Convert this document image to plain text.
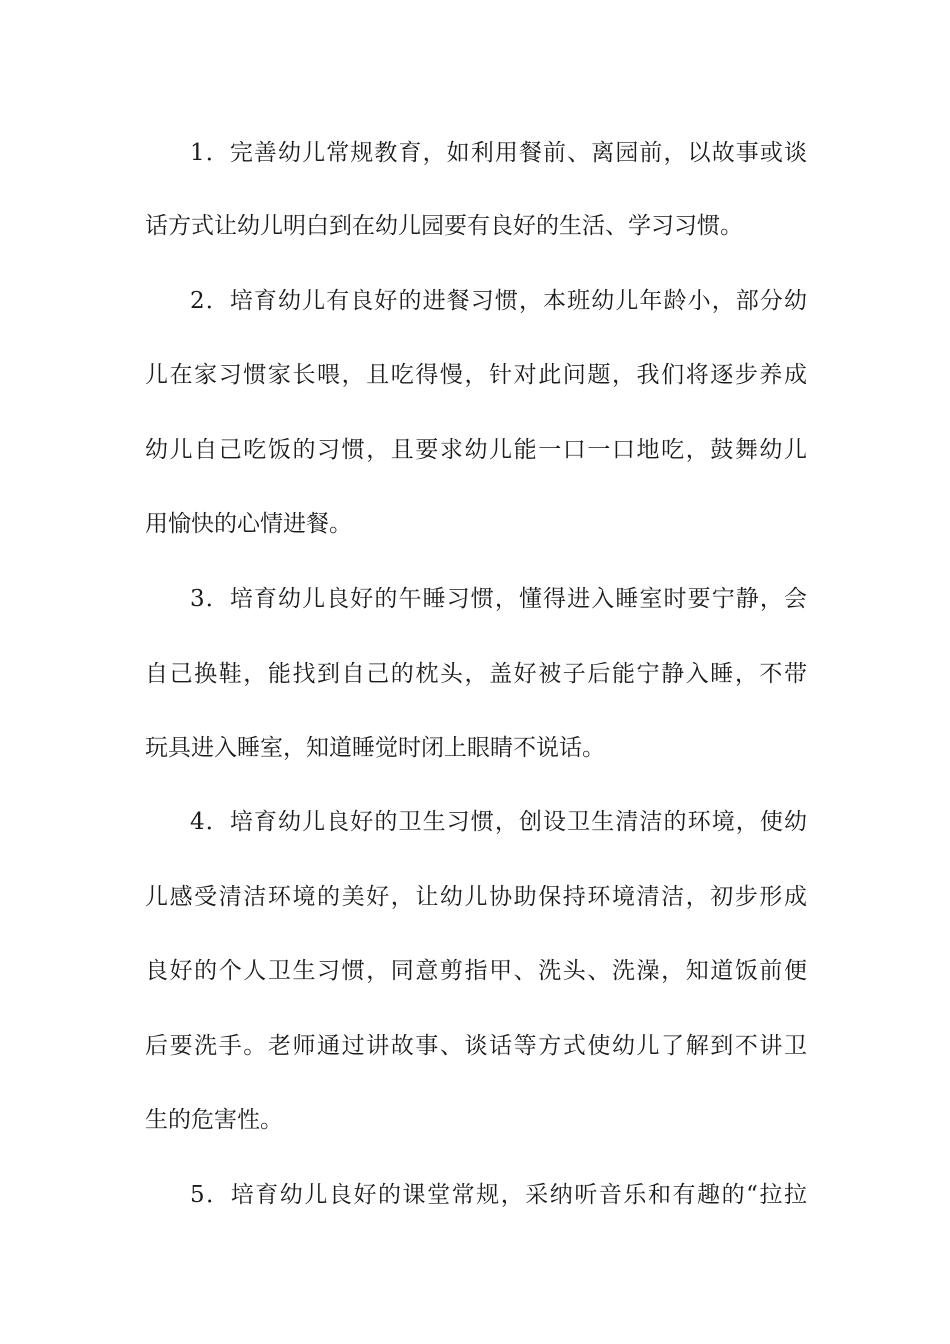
1．完善幼儿常规教育，如利用餐前、离园前，以故事或谈
话方式让幼儿明白到在幼儿园要有良好的生活、学习习惯。
2．培育幼儿有良好的进餐习惯，本班幼儿年龄小，部分幼
儿在家习惯家长喂，且吃得慢，针对此问题，我们将逐步养成
幼儿自己吃饭的习惯，且要求幼儿能一口一口地吃，鼓舞幼儿
用愉快的心情进餐。
3．培育幼儿良好的午睡习惯，懂得进入睡室时要宁静，会
自己换鞋，能找到自己的枕头，盖好被子后能宁静入睡，不带
玩具进入睡室，知道睡觉时闭上眼睛不说话。
4．培育幼儿良好的卫生习惯，创设卫生清洁的环境，使幼
儿感受清洁环境的美好，让幼儿协助保持环境清洁，初步形成
良好的个人卫生习惯，同意剪指甲、洗头、洗澡，知道饭前便
后要洗手。老师通过讲故事、谈话等方式使幼儿了解到不讲卫
生的危害性。
5．培育幼儿良好的课堂常规，采纳听音乐和有趣的“拉拉
